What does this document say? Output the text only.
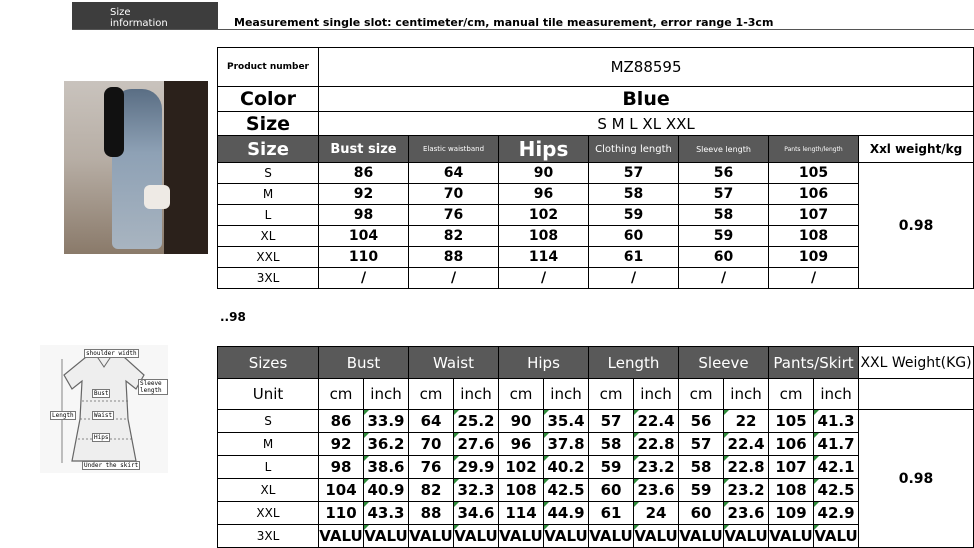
Size
information	Measurement single slot: centimeter/cm, manual tile measurement, error range 1-3cm
Product number	MZ88595						
Color	Blue						
Size	S M L XL XXL						
Size	Bust size	Elastic waistband	Hips	Clothing length	Sleeve length	Pants length/length	Xxl weight/kg
S	86	64	90	57	56	105	0.98
M	92	70	96	58	57	106	
L	98	76	102	59	58	107	
XL	104	82	108	60	59	108	
XXL	110	88	114	61	60	109	
3XL	/	/	/	/	/	/	
..98
shoulder width
Sleeve length
Bust
Length	Waist
Hips
Under the skirt
Sizes	Bust		Waist		Hips		Length		Sleeve		Pants/Skirt		XXL Weight(KG)
Unit	cm	inch	cm	inch	cm	inch	cm	inch	cm	inch	cm	inch	
S	86	33.9	64	25.2	90	35.4	57	22.4	56	22	105	41.3	0.98
M	92	36.2	70	27.6	96	37.8	58	22.8	57	22.4	106	41.7	
L	98	38.6	76	29.9	102	40.2	59	23.2	58	22.8	107	42.1	
XL	104	40.9	82	32.3	108	42.5	60	23.6	59	23.2	108	42.5	
XXL	110	43.3	88	34.6	114	44.9	61	24	60	23.6	109	42.9	
3XL	VALU	VALU	VALU	VALU	VALU	VALU	VALU	VALU	VALU	VALU	VALU	VALU	
